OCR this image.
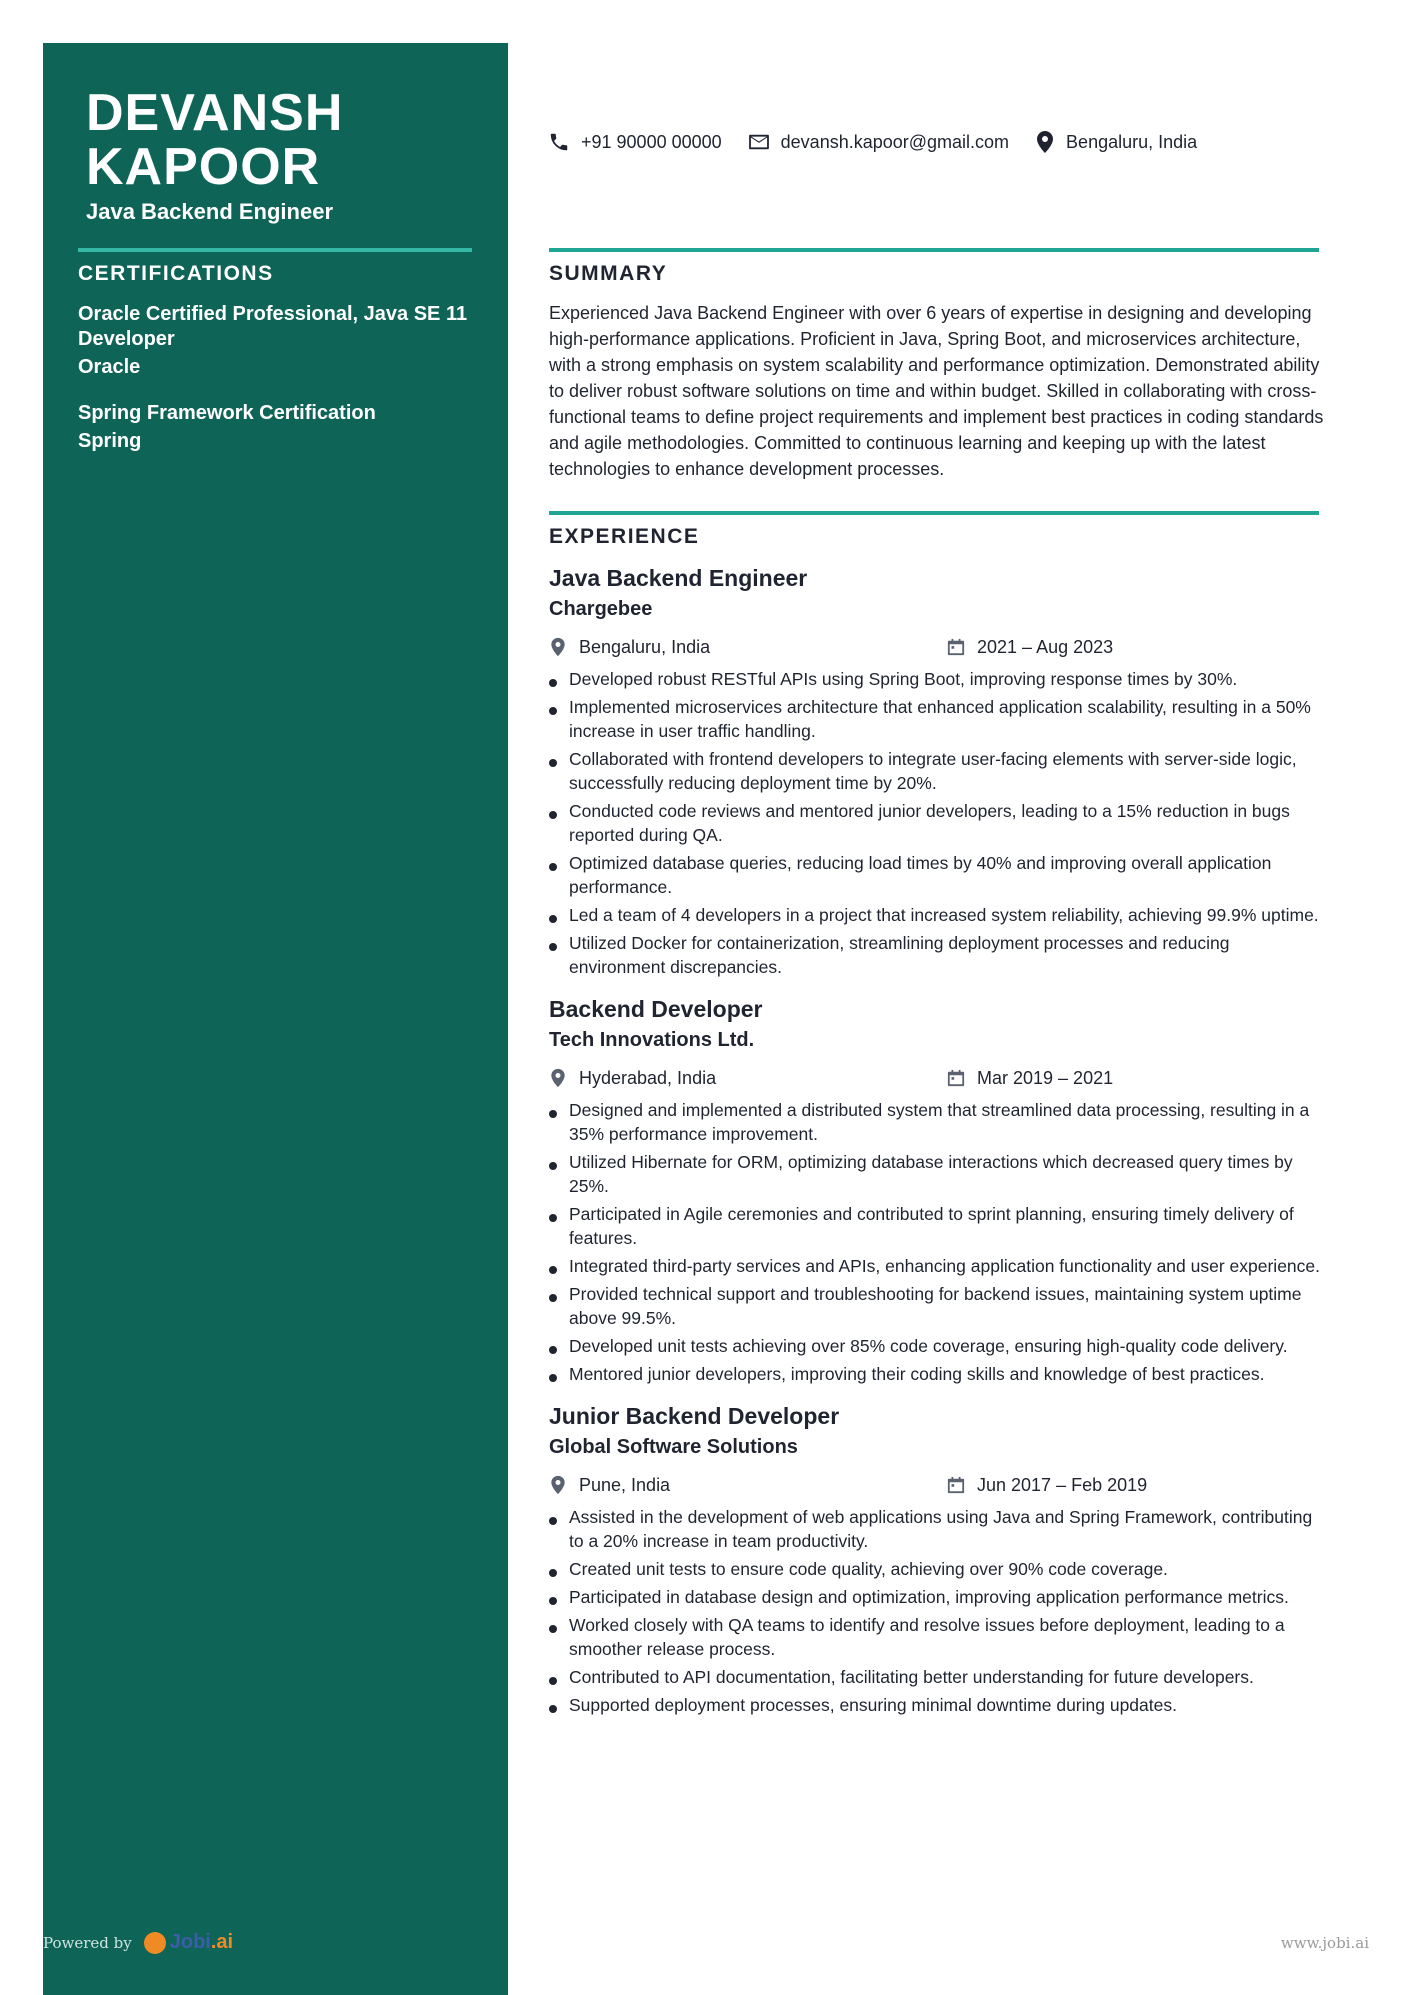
DEVANSH
KAPOOR
Java Backend Engineer
CERTIFICATIONS
Oracle Certified Professional, Java SE 11 Developer
Oracle
Spring Framework Certification
Spring
+91 90000 00000	devansh.kapoor@gmail.com	Bengaluru, India
SUMMARY

Experienced Java Backend Engineer with over 6 years of expertise in designing and developing high-performance applications. Proficient in Java, Spring Boot, and microservices architecture, with a strong emphasis on system scalability and performance optimization. Demonstrated ability to deliver robust software solutions on time and within budget. Skilled in collaborating with cross-functional teams to define project requirements and implement best practices in coding standards and agile methodologies. Committed to continuous learning and keeping up with the latest technologies to enhance development processes.

EXPERIENCE
Java Backend Engineer
Chargebee
Bengaluru, India	2021 – Aug 2023
Developed robust RESTful APIs using Spring Boot, improving response times by 30%.
Implemented microservices architecture that enhanced application scalability, resulting in a 50% increase in user traffic handling.
Collaborated with frontend developers to integrate user-facing elements with server-side logic, successfully reducing deployment time by 20%.
Conducted code reviews and mentored junior developers, leading to a 15% reduction in bugs reported during QA.
Optimized database queries, reducing load times by 40% and improving overall application performance.
Led a team of 4 developers in a project that increased system reliability, achieving 99.9% uptime.
Utilized Docker for containerization, streamlining deployment processes and reducing environment discrepancies.
Backend Developer
Tech Innovations Ltd.
Hyderabad, India	Mar 2019 – 2021
Designed and implemented a distributed system that streamlined data processing, resulting in a 35% performance improvement.
Utilized Hibernate for ORM, optimizing database interactions which decreased query times by 25%.
Participated in Agile ceremonies and contributed to sprint planning, ensuring timely delivery of features.
Integrated third-party services and APIs, enhancing application functionality and user experience.
Provided technical support and troubleshooting for backend issues, maintaining system uptime above 99.5%.
Developed unit tests achieving over 85% code coverage, ensuring high-quality code delivery.
Mentored junior developers, improving their coding skills and knowledge of best practices.
Junior Backend Developer
Global Software Solutions
Pune, India	Jun 2017 – Feb 2019
Assisted in the development of web applications using Java and Spring Framework, contributing to a 20% increase in team productivity.
Created unit tests to ensure code quality, achieving over 90% code coverage.
Participated in database design and optimization, improving application performance metrics.
Worked closely with QA teams to identify and resolve issues before deployment, leading to a smoother release process.
Contributed to API documentation, facilitating better understanding for future developers.
Supported deployment processes, ensuring minimal downtime during updates.
Powered by Jobi .ai	www.jobi.ai
